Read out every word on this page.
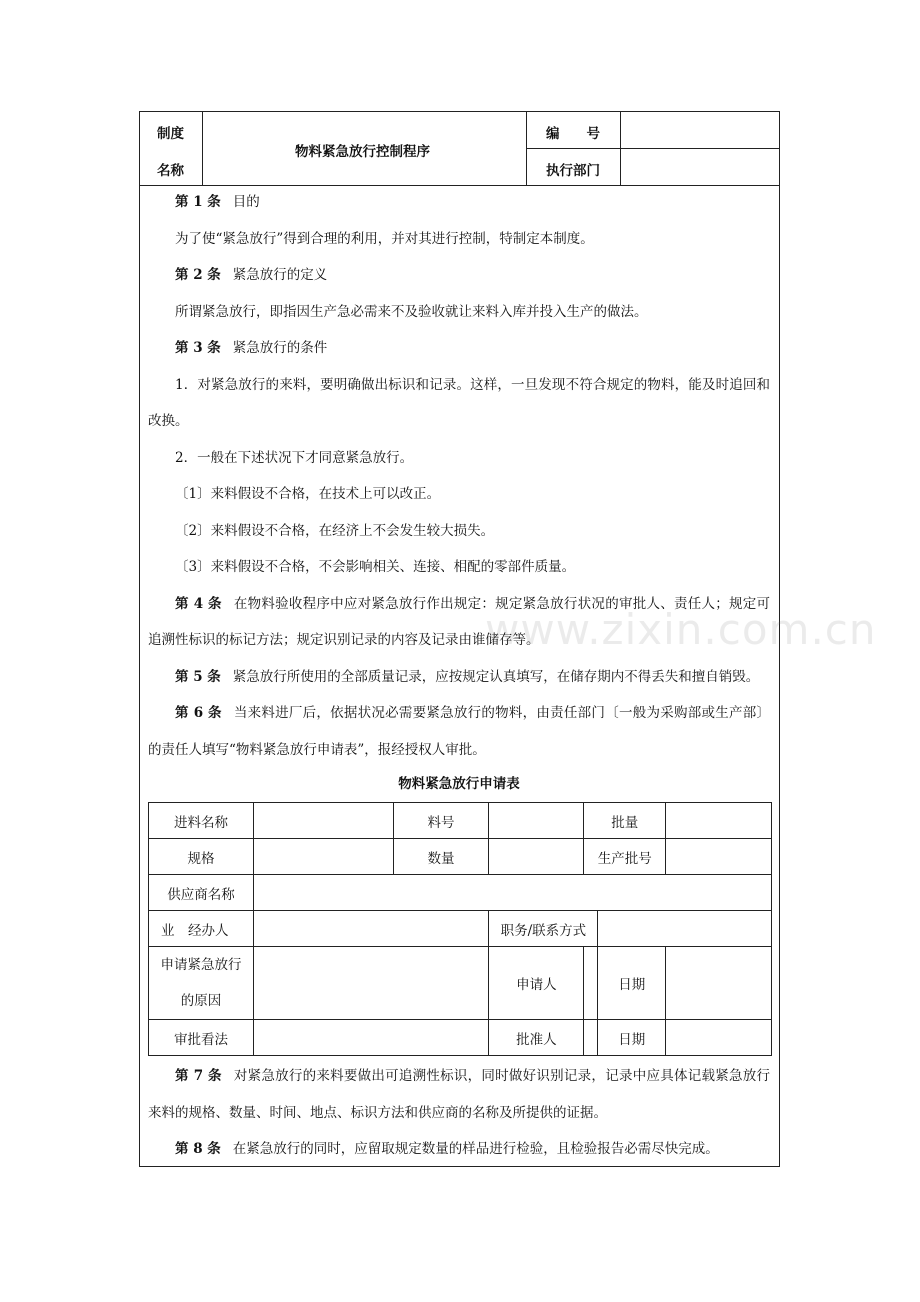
制度
名称
物料紧急放行控制程序
编　　号
执行部门

第 1 条 目的

为了使“紧急放行”得到合理的利用，并对其进行控制，特制定本制度。

第 2 条 紧急放行的定义

所谓紧急放行，即指因生产急必需来不及验收就让来料入库并投入生产的做法。

第 3 条 紧急放行的条件

1．对紧急放行的来料，要明确做出标识和记录。这样，一旦发现不符合规定的物料，能及时追回和改换。

2．一般在下述状况下才同意紧急放行。

〔1〕来料假设不合格，在技术上可以改正。

〔2〕来料假设不合格，在经济上不会发生较大损失。

〔3〕来料假设不合格，不会影响相关、连接、相配的零部件质量。

第 4 条 在物料验收程序中应对紧急放行作出规定：规定紧急放行状况的审批人、责任人；规定可追溯性标识的标记方法；规定识别记录的内容及记录由谁储存等。

第 5 条 紧急放行所使用的全部质量记录，应按规定认真填写，在储存期内不得丢失和擅自销毁。

第 6 条 当来料进厂后，依据状况必需要紧急放行的物料，由责任部门〔一般为采购部或生产部〕的责任人填写“物料紧急放行申请表”，报经授权人审批。

物料紧急放行申请表

进料名称		料号		批量		
规格		数量		生产批号		
供应商名称						
业　经办人			职务/联系方式			
申请紧急放行
的原因			申请人		日期	
审批看法			批准人		日期	

第 7 条 对紧急放行的来料要做出可追溯性标识，同时做好识别记录，记录中应具体记载紧急放行来料的规格、数量、时间、地点、标识方法和供应商的名称及所提供的证据。

第 8 条 在紧急放行的同时，应留取规定数量的样品进行检验，且检验报告必需尽快完成。

www.zixin.com.cn
